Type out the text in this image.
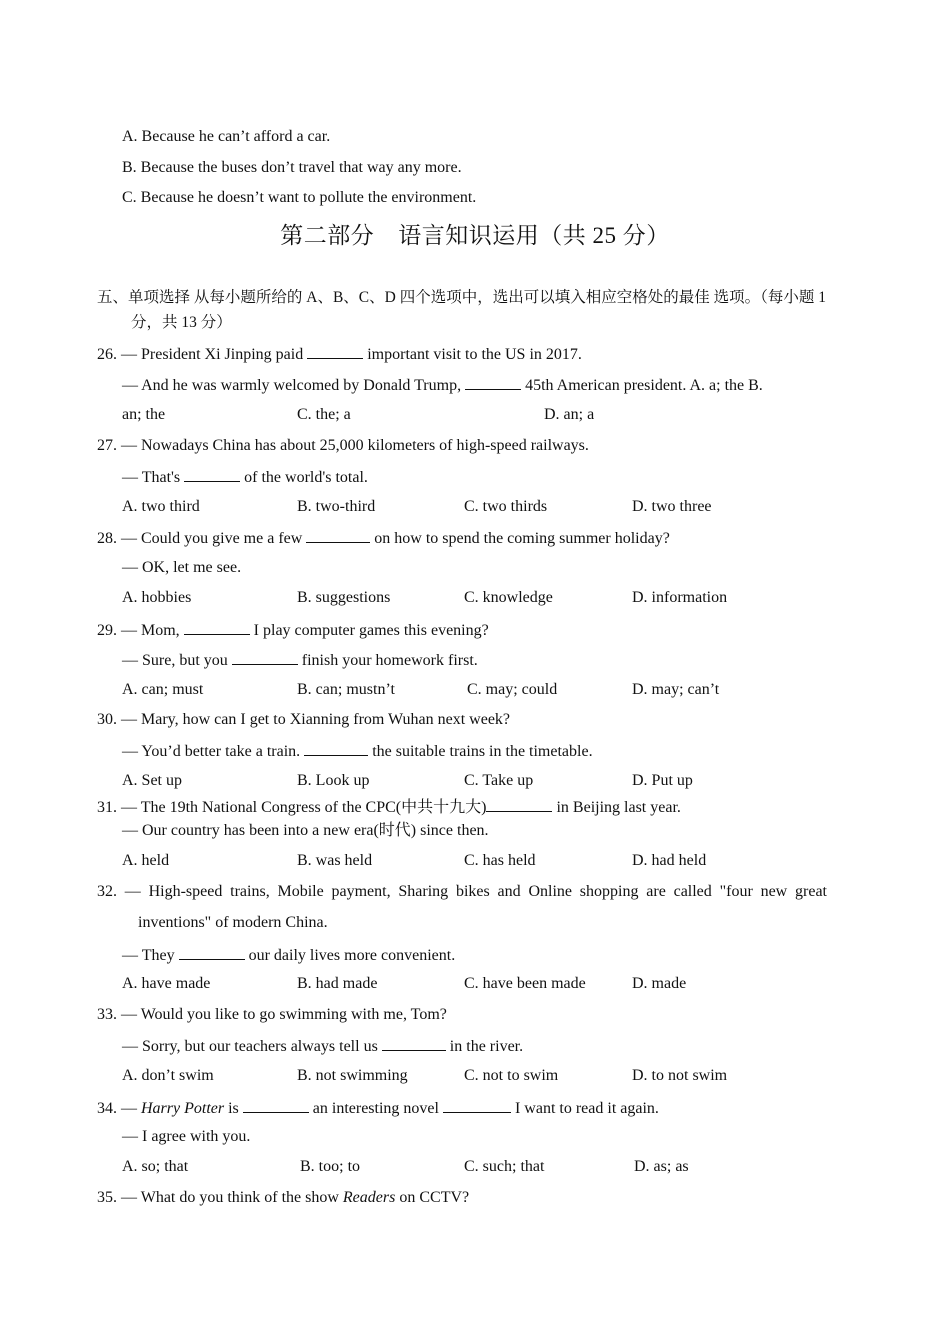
A. Because he can’t afford a car.
B. Because the buses don’t travel that way any more.
C. Because he doesn’t want to pollute the environment.
第二部分 语言知识运用（共 25 分）
五、单项选择 从每小题所给的 A、B、C、D 四个选项中，选出可以填入相应空格处的最佳 选项。（每小题 1
分，共 13 分）
26. — President Xi Jinping paid	important visit to the US in 2017.
— And he was warmly welcomed by Donald Trump,	45th American president. A. a; the B.
an; the	C. the; a	D. an; a
27. — Nowadays China has about 25,000 kilometers of high-speed railways.
— That's	of the world's total.
A. two third	B. two-third	C. two thirds	D. two three
28. — Could you give me a few	on how to spend the coming summer holiday?
— OK, let me see.
A. hobbies	B. suggestions	C. knowledge	D. information
29. — Mom,	I play computer games this evening?
— Sure, but you	finish your homework first.
A. can; must	B. can; mustn’t	C. may; could	D. may; can’t
30. — Mary, how can I get to Xianning from Wuhan next week?
— You’d better take a train.	the suitable trains in the timetable.
A. Set up	B. Look up	C. Take up	D. Put up
31. — The 19th National Congress of the CPC(中共十九大)	in Beijing last year.
— Our country has been into a new era(时代) since then.
A. held	B. was held	C. has held	D. had held
32. — High-speed trains, Mobile payment, Sharing bikes and Online shopping are called "four new great
inventions" of modern China.
— They	our daily lives more convenient.
A. have made	B. had made	C. have been made	D. made
33. — Would you like to go swimming with me, Tom?
— Sorry, but our teachers always tell us	in the river.
A. don’t swim	B. not swimming	C. not to swim	D. to not swim
34. — Harry Potter is	an interesting novel	I want to read it again.
— I agree with you.
A. so; that	B. too; to	C. such; that	D. as; as
35. — What do you think of the show Readers on CCTV?
